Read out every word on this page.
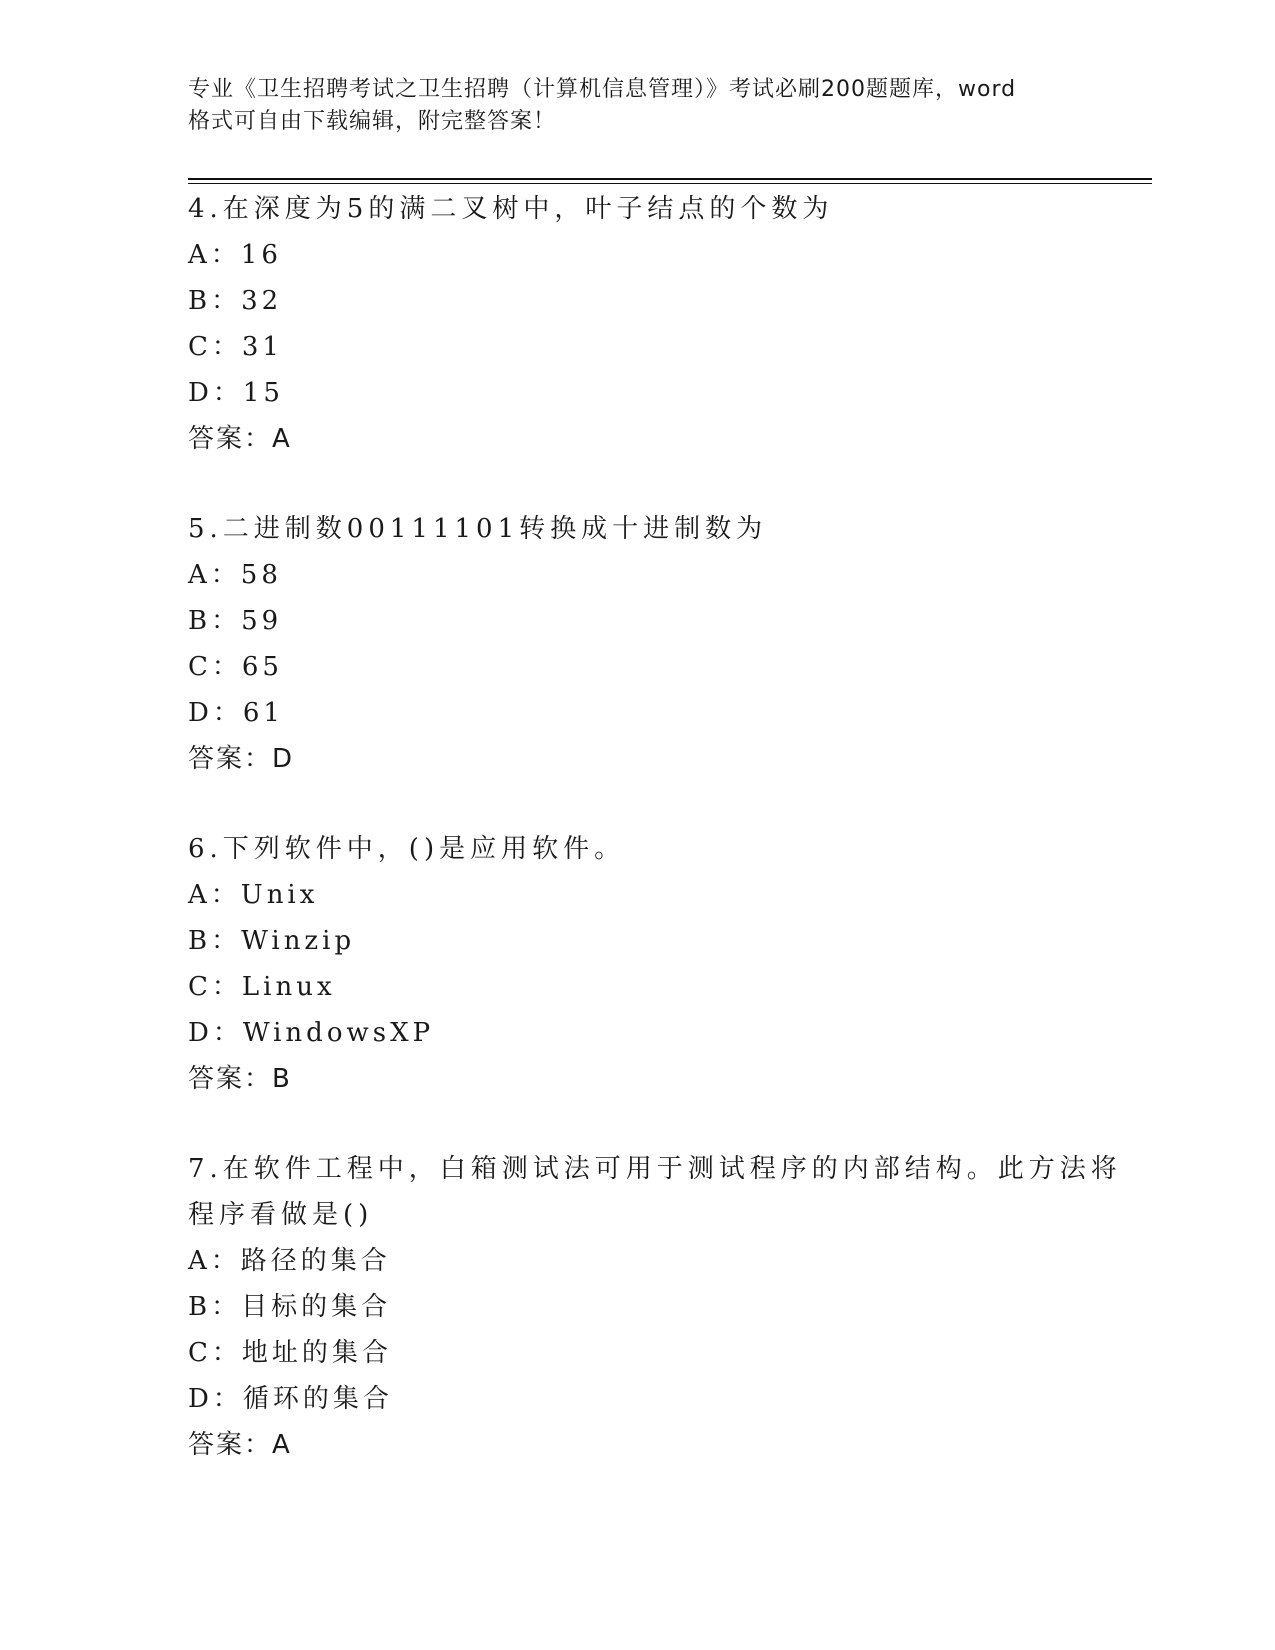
专业《卫生招聘考试之卫生招聘（计算机信息管理）》考试必刷200题题库，word
格式可自由下载编辑，附完整答案！
4.在深度为5的满二叉树中，叶子结点的个数为
A：16
B：32
C：31
D：15
答案：A
5.二进制数00111101转换成十进制数为
A：58
B：59
C：65
D：61
答案：D
6.下列软件中，()是应用软件。
A：Unix
B：Winzip
C：Linux
D：WindowsXP
答案：B
7.在软件工程中，白箱测试法可用于测试程序的内部结构。此方法将
程序看做是()
A：路径的集合
B：目标的集合
C：地址的集合
D：循环的集合
答案：A
